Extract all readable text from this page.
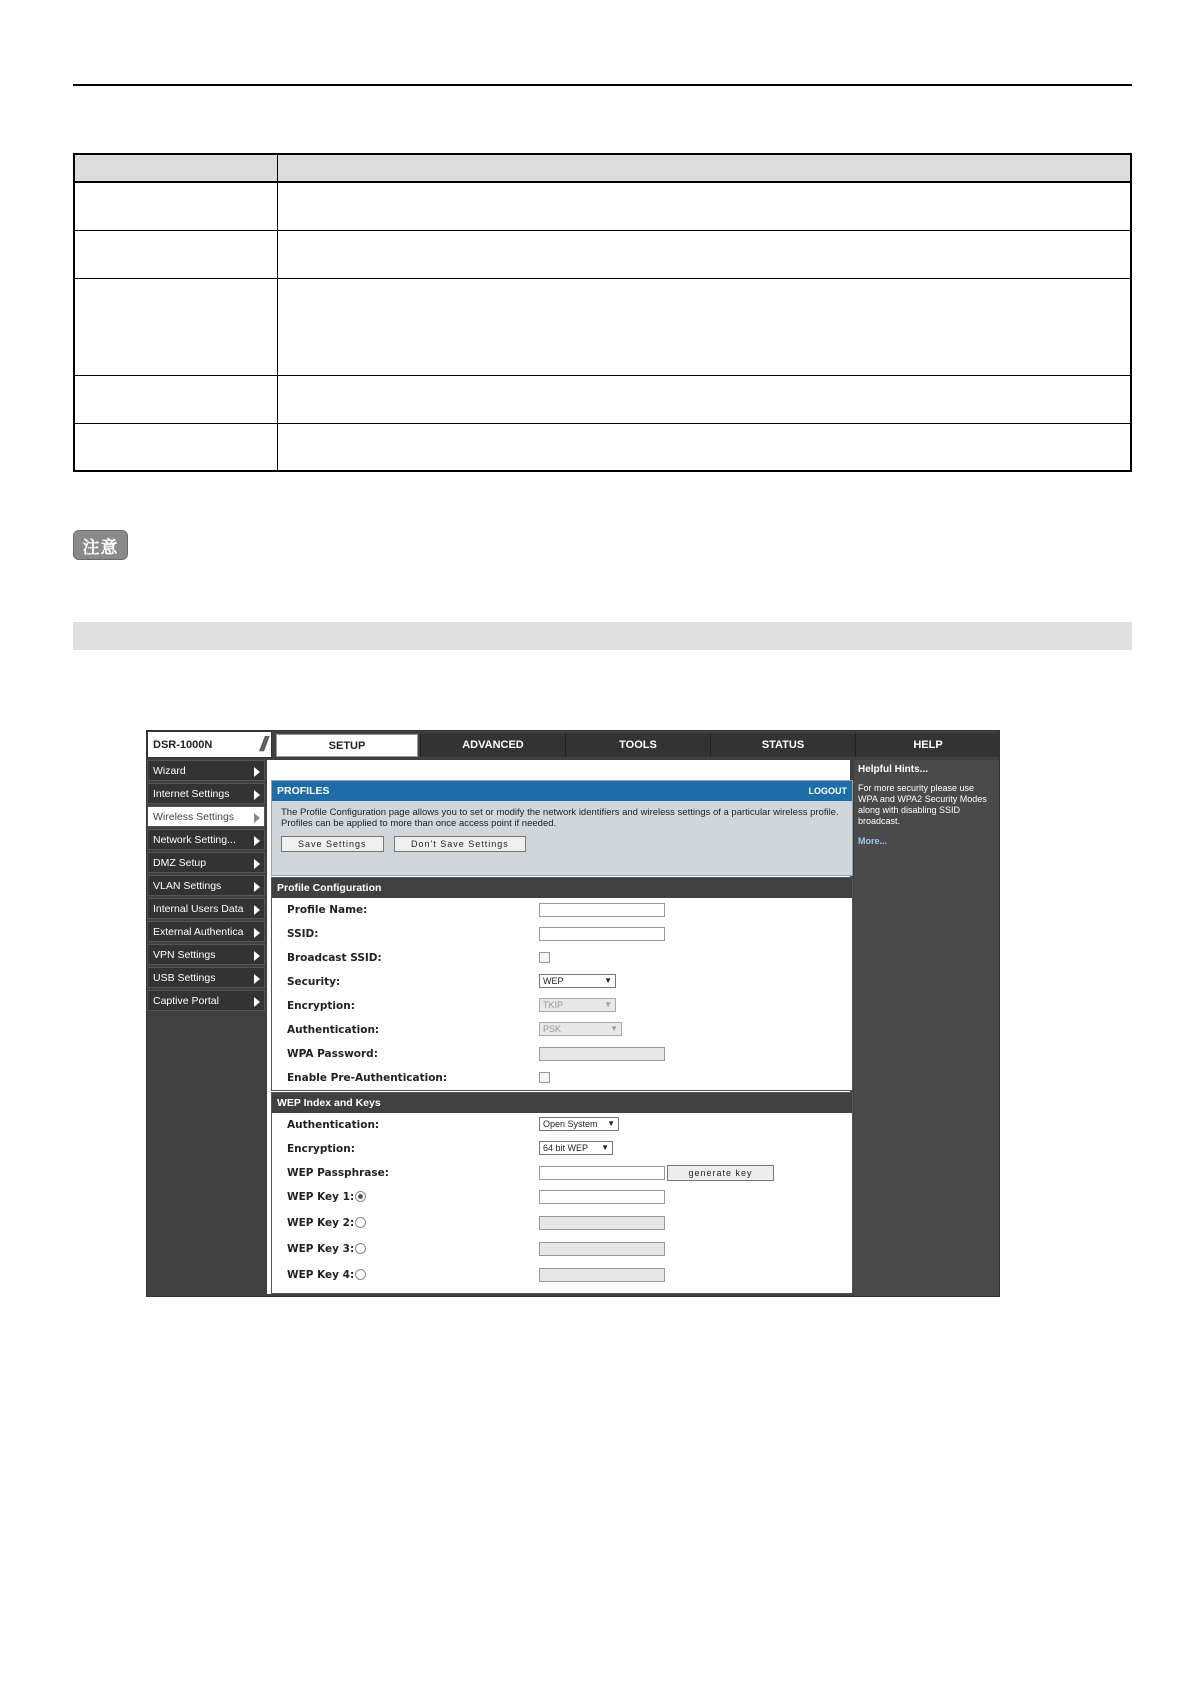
注意
DSR-1000N //	SETUP	ADVANCED	TOOLS	STATUS	HELP
Wizard
Internet Settings
Wireless Settings
Network Setting...
DMZ Setup
VLAN Settings
Internal Users Data
External Authentica
VPN Settings
USB Settings
Captive Portal
PROFILES	LOGOUT
The Profile Configuration page allows you to set or modify the network identifiers and wireless settings of a particular wireless profile. Profiles can be applied to more than once access point if needed.
Save Settings	Don't Save Settings
Profile Configuration
Profile Name:
SSID:
Broadcast SSID:
Security:	WEP	▼
Encryption:	TKIP	▼
Authentication:	PSK	▼
WPA Password:
Enable Pre-Authentication:
WEP Index and Keys
Authentication:	Open System ▼
Encryption:	64 bit WEP ▼
WEP Passphrase:	generate key
WEP Key 1:
WEP Key 2:
WEP Key 3:
WEP Key 4:
Helpful Hints...
For more security please use WPA and WPA2 Security Modes along with disabling SSID broadcast.
More...
